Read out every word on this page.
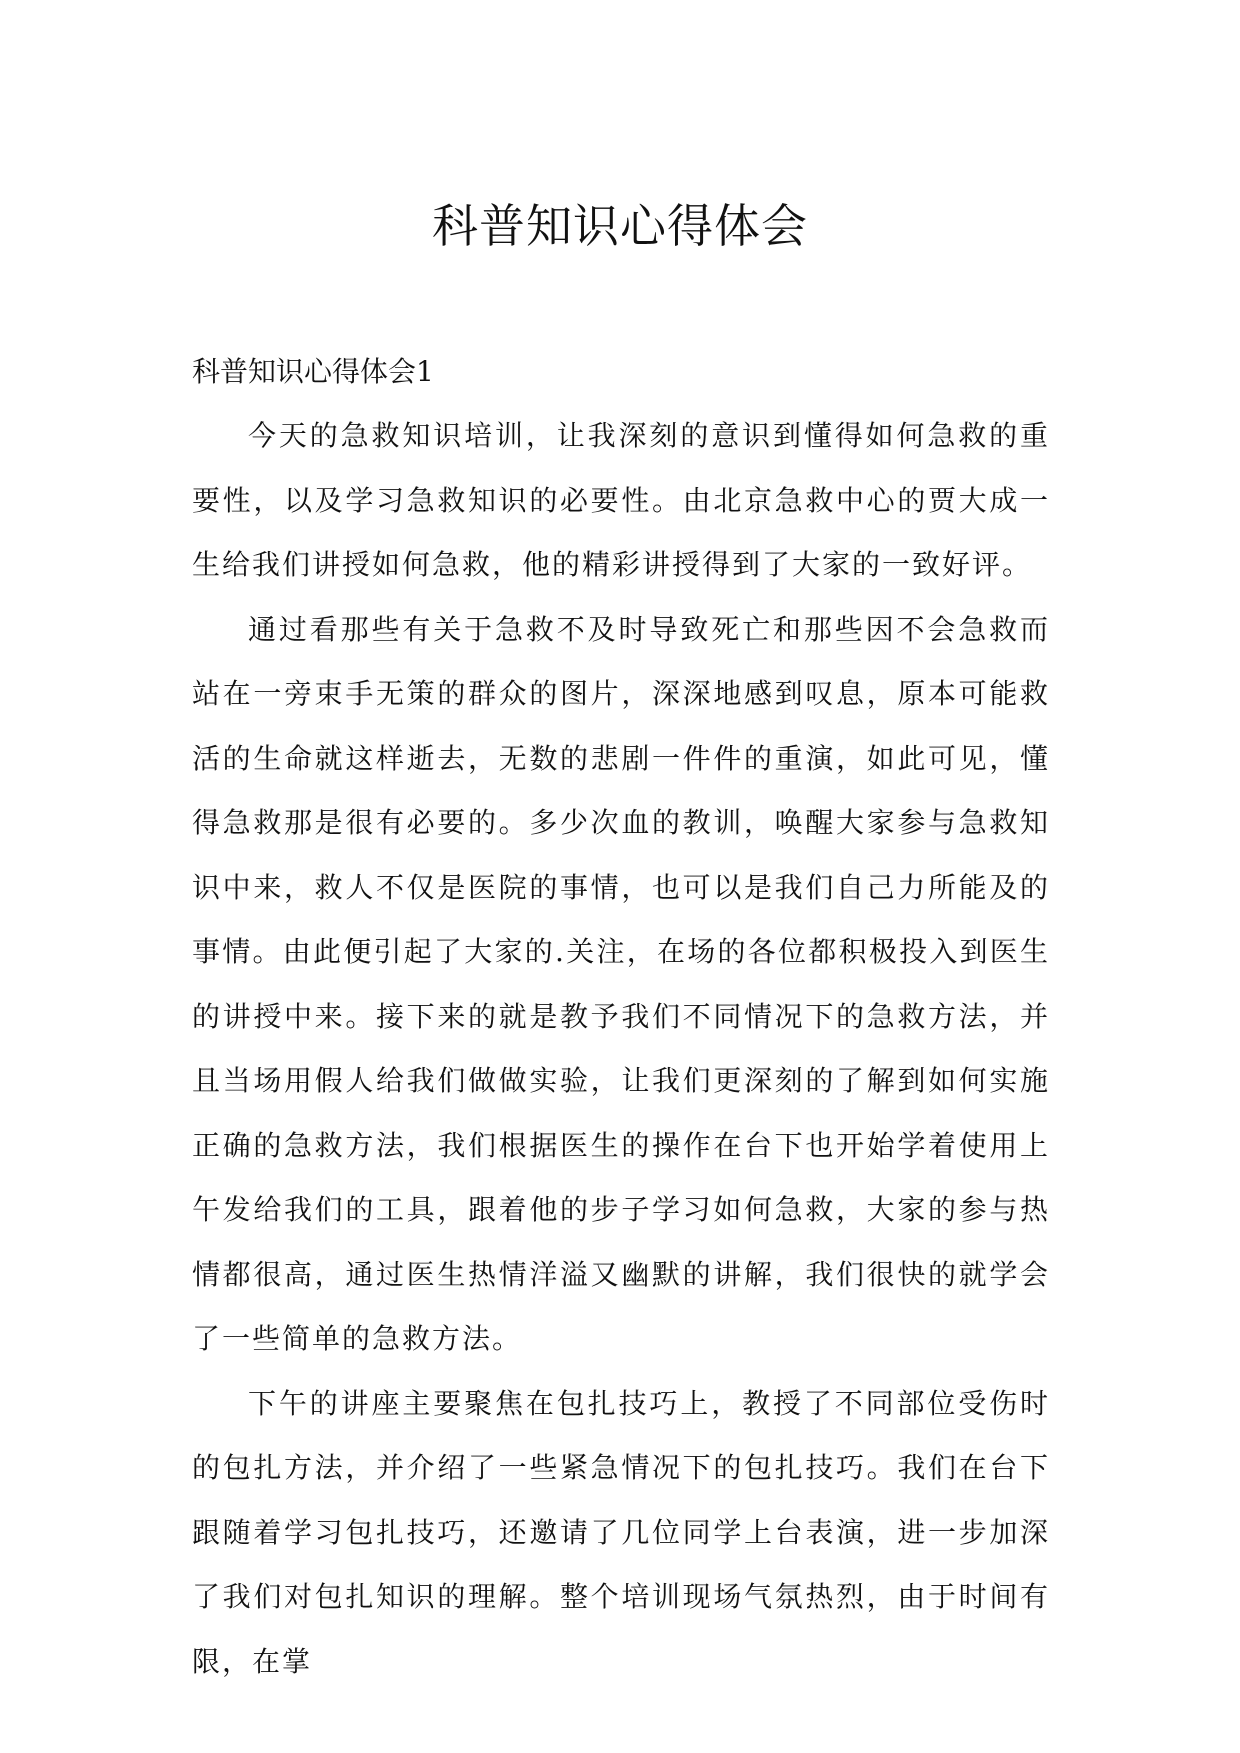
科普知识心得体会
科普知识心得体会1

今天的急救知识培训，让我深刻的意识到懂得如何急救的重要性，以及学习急救知识的必要性。由北京急救中心的贾大成一生给我们讲授如何急救，他的精彩讲授得到了大家的一致好评。

通过看那些有关于急救不及时导致死亡和那些因不会急救而站在一旁束手无策的群众的图片，深深地感到叹息，原本可能救活的生命就这样逝去，无数的悲剧一件件的重演，如此可见，懂得急救那是很有必要的。多少次血的教训，唤醒大家参与急救知识中来，救人不仅是医院的事情，也可以是我们自己力所能及的事情。由此便引起了大家的.关注，在场的各位都积极投入到医生的讲授中来。接下来的就是教予我们不同情况下的急救方法，并且当场用假人给我们做做实验，让我们更深刻的了解到如何实施正确的急救方法，我们根据医生的操作在台下也开始学着使用上午发给我们的工具，跟着他的步子学习如何急救，大家的参与热情都很高，通过医生热情洋溢又幽默的讲解，我们很快的就学会了一些简单的急救方法。

下午的讲座主要聚焦在包扎技巧上，教授了不同部位受伤时的包扎方法，并介绍了一些紧急情况下的包扎技巧。我们在台下跟随着学习包扎技巧，还邀请了几位同学上台表演，进一步加深了我们对包扎知识的理解。整个培训现场气氛热烈，由于时间有限，在掌
